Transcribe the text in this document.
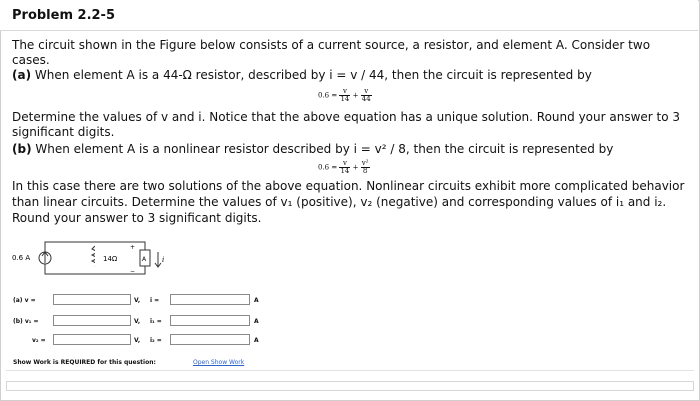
Problem 2.2-5
The circuit shown in the Figure below consists of a current source, a resistor, and element A. Consider two
cases.
(a) When element A is a 44-Ω resistor, described by i = v / 44, then the circuit is represented by
$0.6 = \frac{v}{14} + \frac{v}{44}$
Determine the values of v and i. Notice that the above equation has a unique solution. Round your answer to 3
significant digits.
(b) When element A is a nonlinear resistor described by i = v² / 8, then the circuit is represented by
$0.6 = \frac{v}{14} + \frac{\text{v²}}{8}$
In this case there are two solutions of the above equation. Nonlinear circuits exhibit more complicated behavior
than linear circuits. Determine the values of v₁ (positive), v₂ (negative) and corresponding values of i₁ and i₂.
Round your answer to 3 significant digits.
0.6 A	14Ω	A i
+
−
(a) v =	V, i =	A
(b) v₁ =	V, i₁ =	A
v₂ =	V, i₂ =	A
Show Work is REQUIRED for this question:	Open Show Work
